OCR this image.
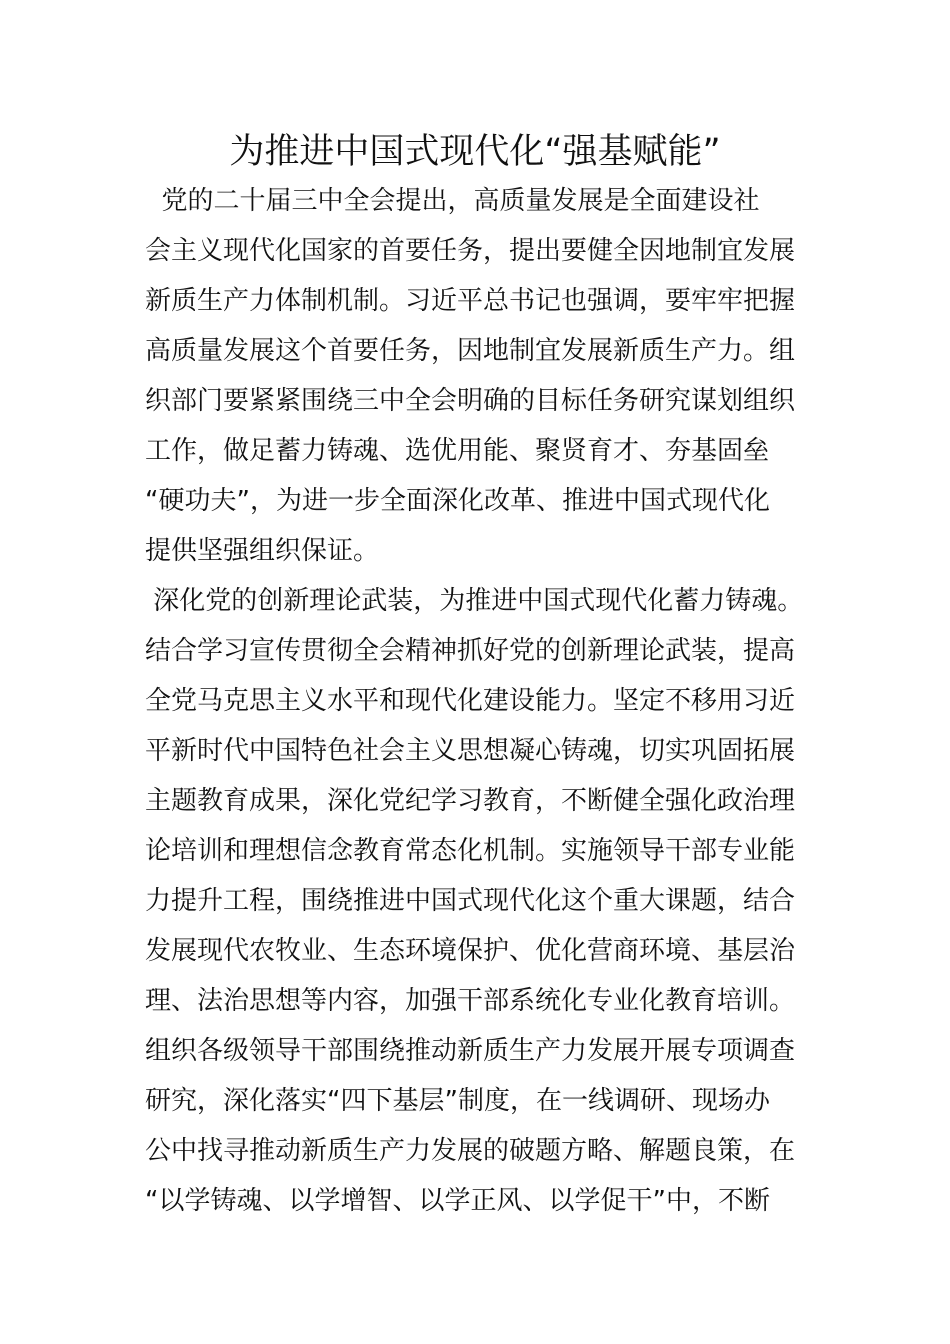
为推进中国式现代化“强基赋能”

党的二十届三中全会提出，高质量发展是全面建设社

会主义现代化国家的首要任务，提出要健全因地制宜发展

新质生产力体制机制。习近平总书记也强调，要牢牢把握

高质量发展这个首要任务，因地制宜发展新质生产力。组

织部门要紧紧围绕三中全会明确的目标任务研究谋划组织

工作，做足蓄力铸魂、选优用能、聚贤育才、夯基固垒

“硬功夫”，为进一步全面深化改革、推进中国式现代化

提供坚强组织保证。

深化党的创新理论武装，为推进中国式现代化蓄力铸魂。

结合学习宣传贯彻全会精神抓好党的创新理论武装，提高

全党马克思主义水平和现代化建设能力。坚定不移用习近

平新时代中国特色社会主义思想凝心铸魂，切实巩固拓展

主题教育成果，深化党纪学习教育，不断健全强化政治理

论培训和理想信念教育常态化机制。实施领导干部专业能

力提升工程，围绕推进中国式现代化这个重大课题，结合

发展现代农牧业、生态环境保护、优化营商环境、基层治

理、法治思想等内容，加强干部系统化专业化教育培训。

组织各级领导干部围绕推动新质生产力发展开展专项调查

研究，深化落实“四下基层”制度，在一线调研、现场办

公中找寻推动新质生产力发展的破题方略、解题良策，在

“以学铸魂、以学增智、以学正风、以学促干”中，不断
